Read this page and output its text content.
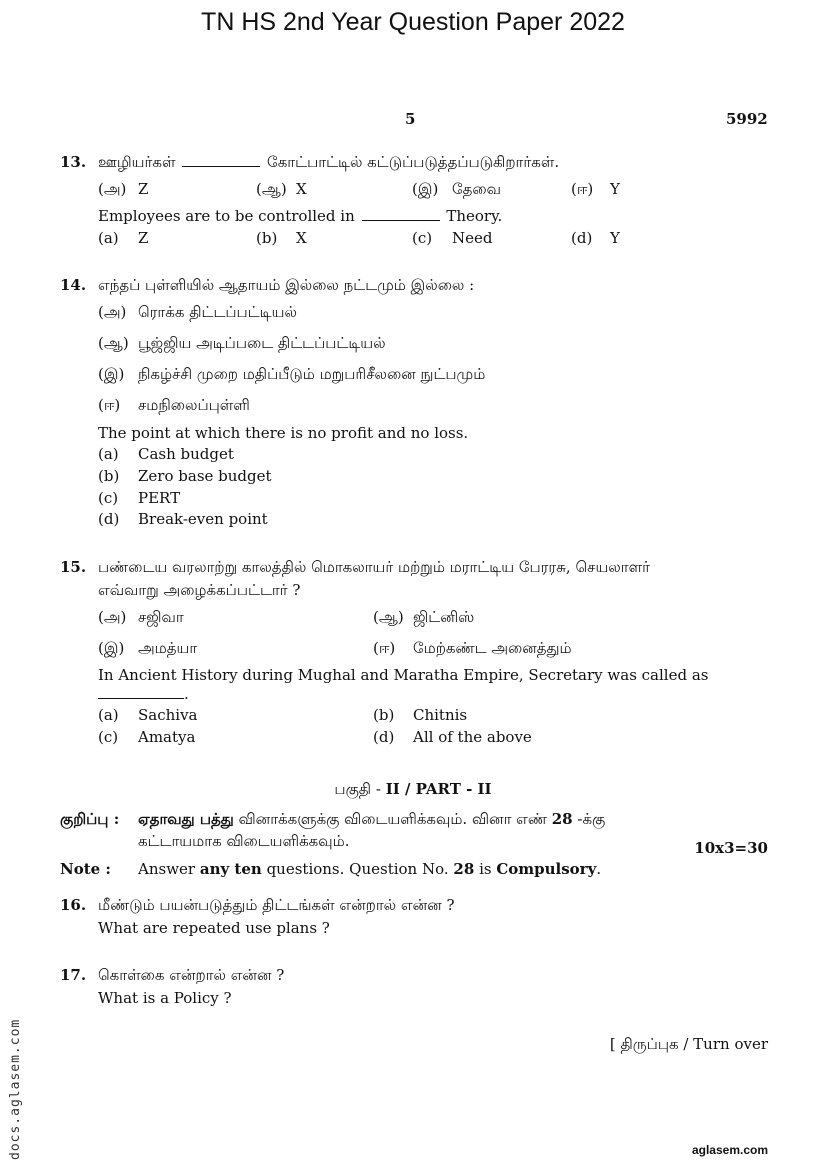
TN HS 2nd Year Question Paper 2022
5	5992
13. ஊழியர்கள்	கோட்பாட்டில் கட்டுப்படுத்தப்படுகிறார்கள்.
(அ) Z	(ஆ) X	(இ) தேவை	(ஈ) Y
Employees are to be controlled in	Theory.
(a) Z	(b) X	(c) Need	(d) Y
14. எந்தப் புள்ளியில் ஆதாயம் இல்லை நட்டமும் இல்லை :
(அ) ரொக்க திட்டப்பட்டியல்
(ஆ) பூஜ்ஜிய அடிப்படை திட்டப்பட்டியல்
(இ) நிகழ்ச்சி முறை மதிப்பீடும் மறுபரிசீலனை நுட்பமும்
(ஈ) சமநிலைப்புள்ளி
The point at which there is no profit and no loss.
(a) Cash budget
(b) Zero base budget
(c) PERT
(d) Break-even point
15. பண்டைய வரலாற்று காலத்தில் மொகலாயர் மற்றும் மராட்டிய பேரரசு, செயலாளர்
எவ்வாறு அழைக்கப்பட்டார் ?
(அ) சஜிவா	(ஆ) ஜிட்னிஸ்
(இ) அமத்யா	(ஈ) மேற்கண்ட அனைத்தும்
In Ancient History during Mughal and Maratha Empire, Secretary was called as
.
(a) Sachiva	(b) Chitnis
(c) Amatya	(d) All of the above
பகுதி - II / PART - II
குறிப்பு : ஏதாவது பத்து வினாக்களுக்கு விடையளிக்கவும். வினா எண் 28 -க்கு
கட்டாயமாக விடையளிக்கவும்.	10x3=30
Note : Answer any ten questions. Question No. 28 is Compulsory.
16. மீண்டும் பயன்படுத்தும் திட்டங்கள் என்றால் என்ன ?
What are repeated use plans ?
17. கொள்கை என்றால் என்ன ?
What is a Policy ?
[ திருப்புக / Turn over
docs.aglasem.com	aglasem.com
